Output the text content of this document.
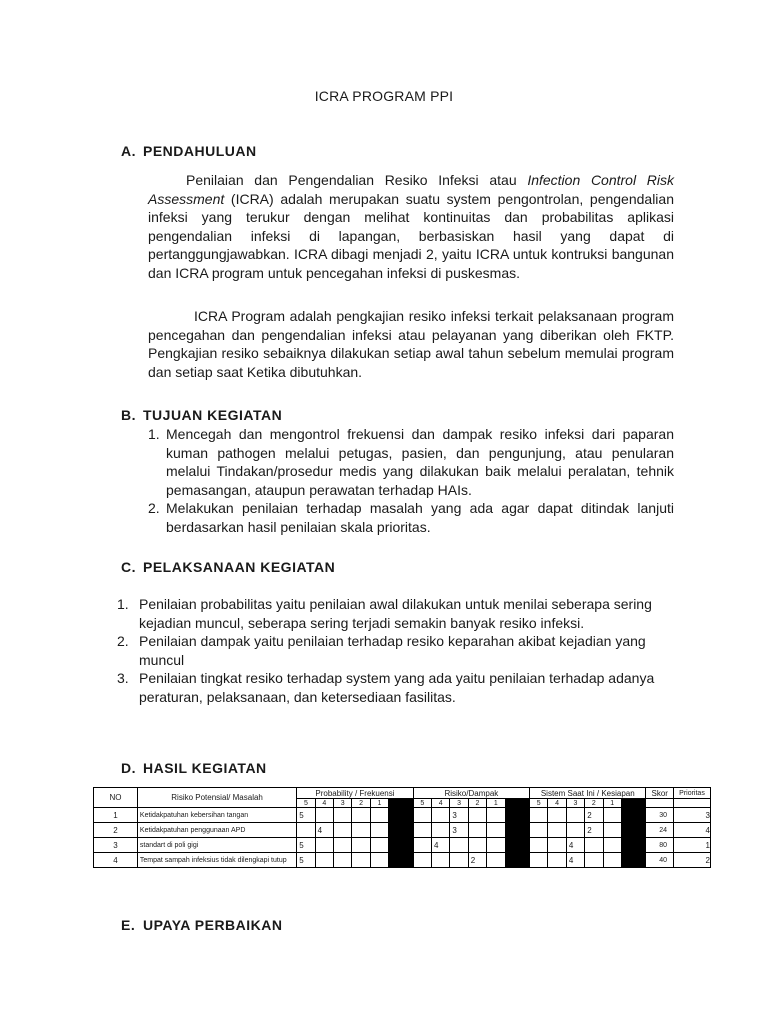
ICRA PROGRAM PPI
A. PENDAHULUAN

Penilaian dan Pengendalian Resiko Infeksi atau Infection Control Risk Assessment (ICRA) adalah merupakan suatu system pengontrolan, pengendalian infeksi yang terukur dengan melihat kontinuitas dan probabilitas aplikasi pengendalian infeksi di lapangan, berbasiskan hasil yang dapat di pertanggungjawabkan. ICRA dibagi menjadi 2, yaitu ICRA untuk kontruksi bangunan dan ICRA program untuk pencegahan infeksi di puskesmas.

ICRA Program adalah pengkajian resiko infeksi terkait pelaksanaan program pencegahan dan pengendalian infeksi atau pelayanan yang diberikan oleh FKTP. Pengkajian resiko sebaiknya dilakukan setiap awal tahun sebelum memulai program dan setiap saat Ketika dibutuhkan.

B. TUJUAN KEGIATAN
1. Mencegah dan mengontrol frekuensi dan dampak resiko infeksi dari paparan kuman pathogen melalui petugas, pasien, dan pengunjung, atau penularan melalui Tindakan/prosedur medis yang dilakukan baik melalui peralatan, tehnik pemasangan, ataupun perawatan terhadap HAIs.
2. Melakukan penilaian terhadap masalah yang ada agar dapat ditindak lanjuti berdasarkan hasil penilaian skala prioritas.
C. PELAKSANAAN KEGIATAN
1. Penilaian probabilitas yaitu penilaian awal dilakukan untuk menilai seberapa sering kejadian muncul, seberapa sering terjadi semakin banyak resiko infeksi.
2. Penilaian dampak yaitu penilaian terhadap resiko keparahan akibat kejadian yang muncul
3. Penilaian tingkat resiko terhadap system yang ada yaitu penilaian terhadap adanya peraturan, pelaksanaan, dan ketersediaan fasilitas.
D. HASIL KEGIATAN
NO	Risiko Potensial/ Masalah	Probability / Frekuensi						Risiko/Dampak						Sistem Saat Ini / Kesiapan						Skor	Prioritas
		5	4	3	2	1		5	4	3	2	1		5	4	3	2	1			
1	Ketidakpatuhan kebersihan tangan	5								3							2			30	3
2	Ketidakpatuhan penggunaan APD		4							3							2			24	4
3	standart di poli gigi	5							4							4				80	1
4	Tempat sampah infeksius tidak dilengkapi tutup	5									2					4				40	2
E. UPAYA PERBAIKAN
